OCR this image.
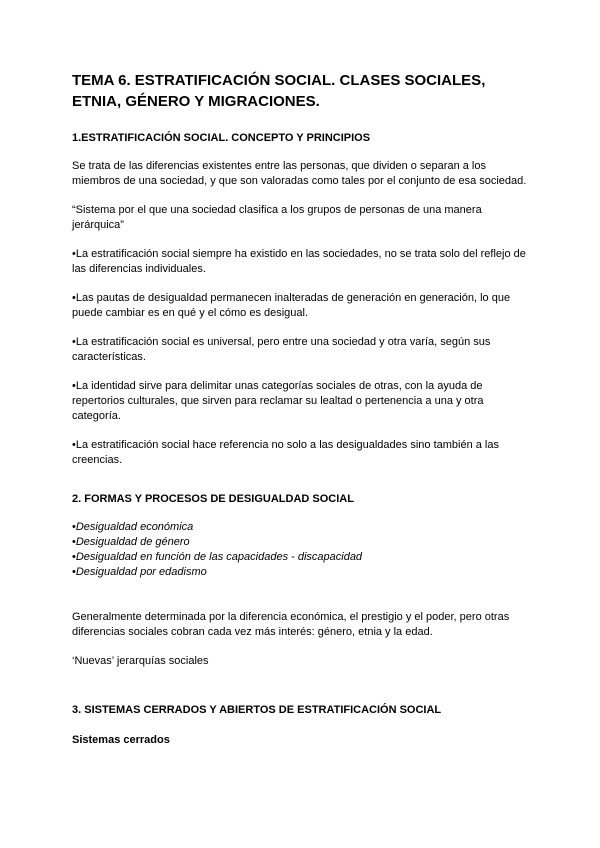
TEMA 6. ESTRATIFICACIÓN SOCIAL. CLASES SOCIALES, ETNIA, GÉNERO Y MIGRACIONES.
1.ESTRATIFICACIÓN SOCIAL. CONCEPTO Y PRINCIPIOS
Se trata de las diferencias existentes entre las personas, que dividen o separan a los miembros de una sociedad, y que son valoradas como tales por el conjunto de esa sociedad.
“Sistema por el que una sociedad clasifica a los grupos de personas de una manera jerárquica”
•La estratificación social siempre ha existido en las sociedades, no se trata solo del reflejo de las diferencias individuales.
•Las pautas de desigualdad permanecen inalteradas de generación en generación, lo que puede cambiar es en qué y el cómo es desigual.
•La estratificación social es universal, pero entre una sociedad y otra varía, según sus características.
•La identidad sirve para delimitar unas categorías sociales de otras, con la ayuda de repertorios culturales, que sirven para reclamar su lealtad o pertenencia a una y otra categoría.
•La estratificación social hace referencia no solo a las desigualdades sino también a las creencias.
2. FORMAS Y PROCESOS DE DESIGUALDAD SOCIAL
•Desigualdad económica
•Desigualdad de género
•Desigualdad en función de las capacidades - discapacidad
•Desigualdad por edadismo
Generalmente determinada por la diferencia económica, el prestigio y el poder, pero otras diferencias sociales cobran cada vez más interés: género, etnia y la edad.
‘Nuevas’ jerarquías sociales
3. SISTEMAS CERRADOS Y ABIERTOS DE ESTRATIFICACIÓN SOCIAL
Sistemas cerrados
